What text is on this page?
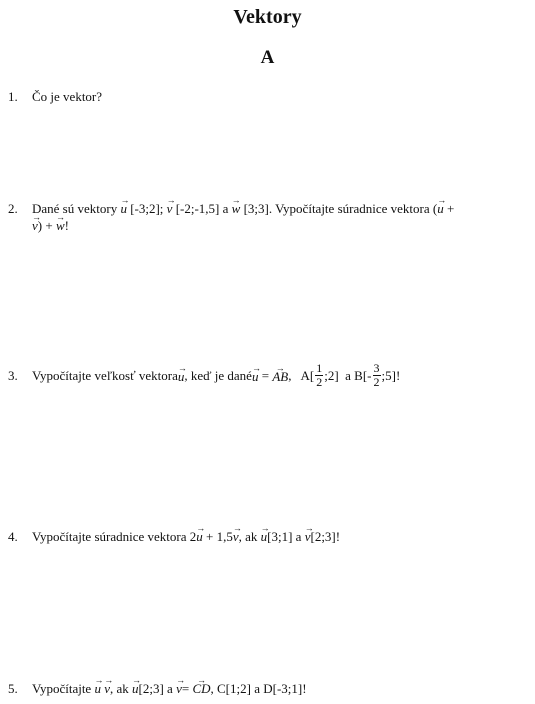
Vektory
A
1. Čo je vektor?
2. Dané sú vektory → u [-3;2]; → v [-2;-1,5] a → w [3;3]. Vypočítajte súradnice vektora (→ u +
→ v) + → w!
3.	Vypočítajte veľkosť vektora → u , keď je dané → u = → AB ,   $A[ \frac{1}{2}$ ;2]  a $B[- \frac{3}{2}$ ;5]!
4. Vypočítajte súradnice vektora 2→ u + 1,5→ v, ak → u[3;1] a → v[2;3]!
5. Vypočítajte → u → v, ak → u[2;3] a → v= → CD, C[1;2] a D[-3;1]!
